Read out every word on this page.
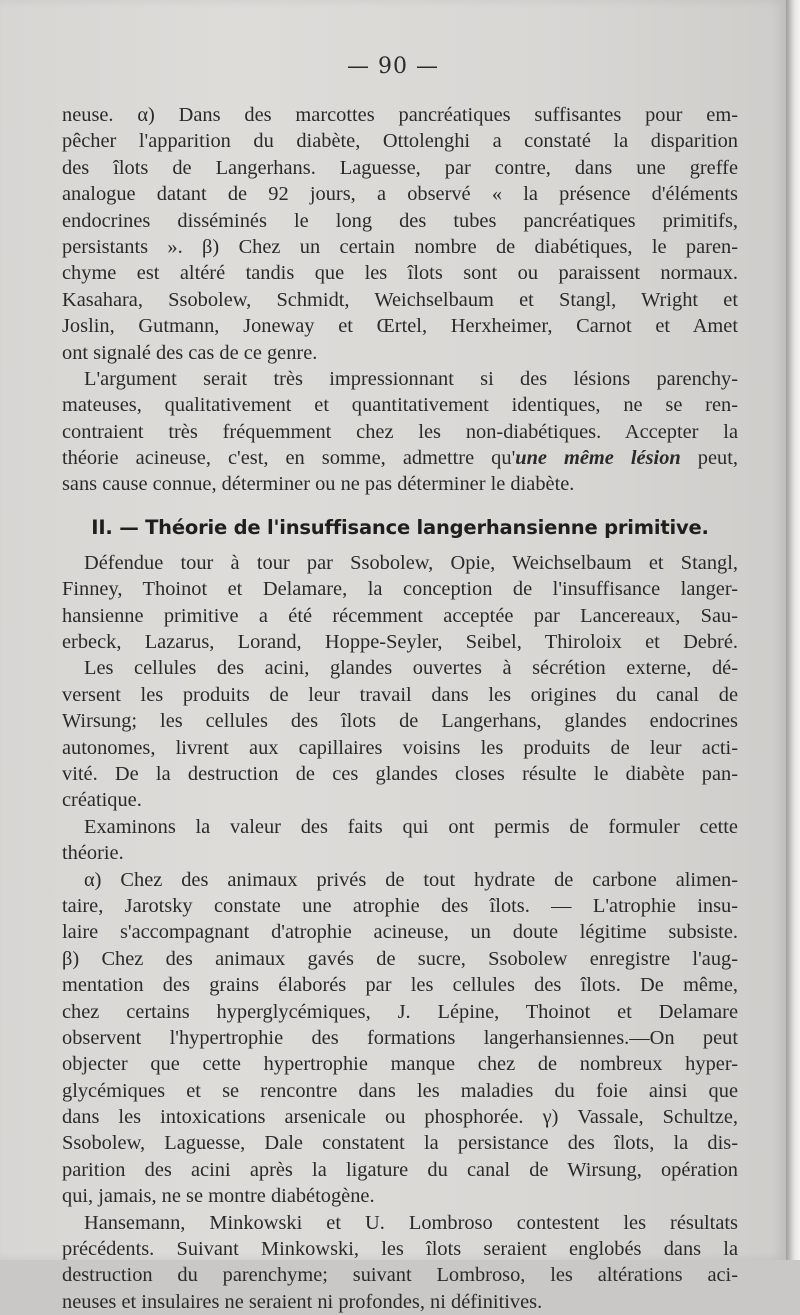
— 90 —
neuse. α) Dans des marcottes pancréatiques suffisantes pour em-
pêcher l'apparition du diabète, Ottolenghi a constaté la disparition
des îlots de Langerhans. Laguesse, par contre, dans une greffe
analogue datant de 92 jours, a observé « la présence d'éléments
endocrines disséminés le long des tubes pancréatiques primitifs,
persistants ». β) Chez un certain nombre de diabétiques, le paren-
chyme est altéré tandis que les îlots sont ou paraissent normaux.
Kasahara, Ssobolew, Schmidt, Weichselbaum et Stangl, Wright et
Joslin, Gutmann, Joneway et Œrtel, Herxheimer, Carnot et Amet
ont signalé des cas de ce genre.
L'argument serait très impressionnant si des lésions parenchy-
mateuses, qualitativement et quantitativement identiques, ne se ren-
contraient très fréquemment chez les non-diabétiques. Accepter la
théorie acineuse, c'est, en somme, admettre qu'une même lésion peut,
sans cause connue, déterminer ou ne pas déterminer le diabète.
II. — Théorie de l'insuffisance langerhansienne primitive.
Défendue tour à tour par Ssobolew, Opie, Weichselbaum et Stangl,
Finney, Thoinot et Delamare, la conception de l'insuffisance langer-
hansienne primitive a été récemment acceptée par Lancereaux, Sau-
erbeck, Lazarus, Lorand, Hoppe-Seyler, Seibel, Thiroloix et Debré.
Les cellules des acini, glandes ouvertes à sécrétion externe, dé-
versent les produits de leur travail dans les origines du canal de
Wirsung; les cellules des îlots de Langerhans, glandes endocrines
autonomes, livrent aux capillaires voisins les produits de leur acti-
vité. De la destruction de ces glandes closes résulte le diabète pan-
créatique.
Examinons la valeur des faits qui ont permis de formuler cette
théorie.
α) Chez des animaux privés de tout hydrate de carbone alimen-
taire, Jarotsky constate une atrophie des îlots. — L'atrophie insu-
laire s'accompagnant d'atrophie acineuse, un doute légitime subsiste.
β) Chez des animaux gavés de sucre, Ssobolew enregistre l'aug-
mentation des grains élaborés par les cellules des îlots. De même,
chez certains hyperglycémiques, J. Lépine, Thoinot et Delamare
observent l'hypertrophie des formations langerhansiennes.—On peut
objecter que cette hypertrophie manque chez de nombreux hyper-
glycémiques et se rencontre dans les maladies du foie ainsi que
dans les intoxications arsenicale ou phosphorée. γ) Vassale, Schultze,
Ssobolew, Laguesse, Dale constatent la persistance des îlots, la dis-
parition des acini après la ligature du canal de Wirsung, opération
qui, jamais, ne se montre diabétogène.
Hansemann, Minkowski et U. Lombroso contestent les résultats
précédents. Suivant Minkowski, les îlots seraient englobés dans la
destruction du parenchyme; suivant Lombroso, les altérations aci-
neuses et insulaires ne seraient ni profondes, ni définitives.
